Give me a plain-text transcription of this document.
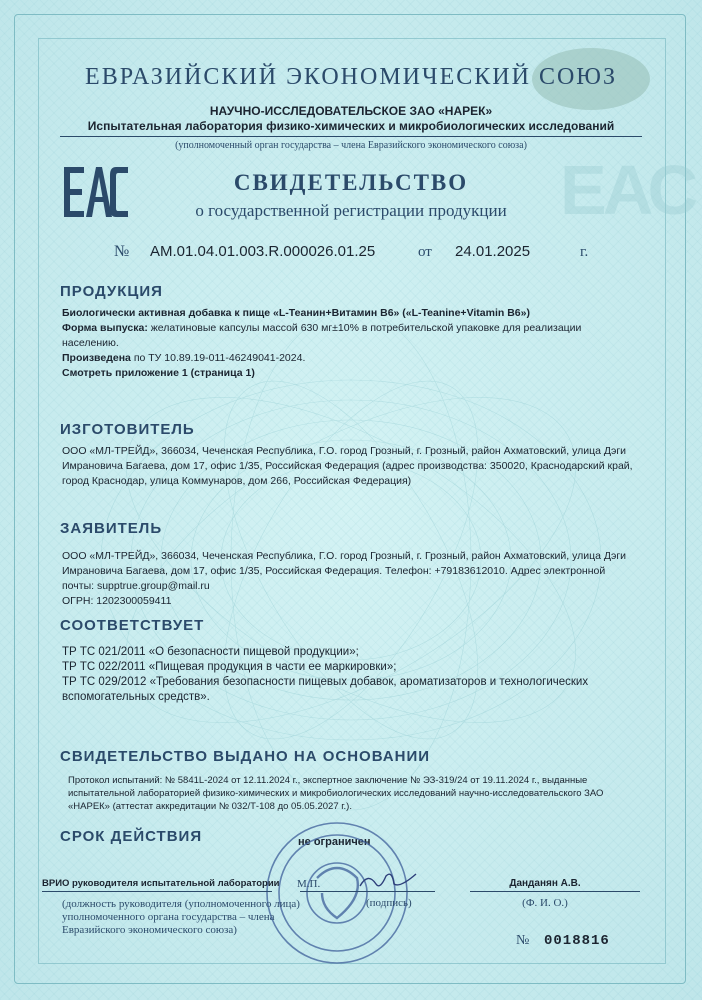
ЕАС
ЕВРАЗИЙСКИЙ ЭКОНОМИЧЕСКИЙ СОЮЗ
НАУЧНО-ИССЛЕДОВАТЕЛЬСКОЕ ЗАО «НАРЕК»
Испытательная лаборатория физико-химических и микробиологических исследований
(уполномоченный орган государства – члена Евразийского экономического союза)
СВИДЕТЕЛЬСТВО
о государственной регистрации продукции
№ AM.01.04.01.003.R.000026.01.25	от 24.01.2025	г.
ПРОДУКЦИЯ
Биологически активная добавка к пище «L-Теанин+Витамин В6» («L-Teanine+Vitamin B6»)
Форма выпуска: желатиновые капсулы массой 630 мг±10% в потребительской упаковке для реализации населению.
Произведена по ТУ 10.89.19-011-46249041-2024.
Смотреть приложение 1 (страница 1)
ИЗГОТОВИТЕЛЬ
ООО «МЛ-ТРЕЙД», 366034, Чеченская Республика, Г.О. город Грозный, г. Грозный, район Ахматовский, улица Дэги Имрановича Багаева, дом 17, офис 1/35, Российская Федерация (адрес производства: 350020, Краснодарский край, город Краснодар, улица Коммунаров, дом 266, Российская Федерация)
ЗАЯВИТЕЛЬ
ООО «МЛ-ТРЕЙД», 366034, Чеченская Республика, Г.О. город Грозный, г. Грозный, район Ахматовский, улица Дэги Имрановича Багаева, дом 17, офис 1/35, Российская Федерация. Телефон: +79183612010. Адрес электронной почты: supptrue.group@mail.ru
ОГРН: 1202300059411
СООТВЕТСТВУЕТ
ТР ТС 021/2011 «О безопасности пищевой продукции»;
ТР ТС 022/2011 «Пищевая продукция в части ее маркировки»;
ТР ТС 029/2012 «Требования безопасности пищевых добавок, ароматизаторов и технологических вспомогательных средств».
СВИДЕТЕЛЬСТВО ВЫДАНО НА ОСНОВАНИИ
Протокол испытаний: № 5841L-2024 от 12.11.2024 г., экспертное заключение № ЭЗ-319/24 от 19.11.2024 г., выданные испытательной лабораторией физико-химических и микробиологических исследований научно-исследовательского ЗАО «НАРЕК» (аттестат аккредитации № 032/Т-108 до 05.05.2027 г.).
СРОК ДЕЙСТВИЯ	не ограничен
ВРИО руководителя испытательной лаборатории М.П.	Данданян А.В.
(подпись)	(Ф. И. О.)
(должность руководителя (уполномоченного лица) уполномоченного органа государства – члена Евразийского экономического союза)
№ 0018816
